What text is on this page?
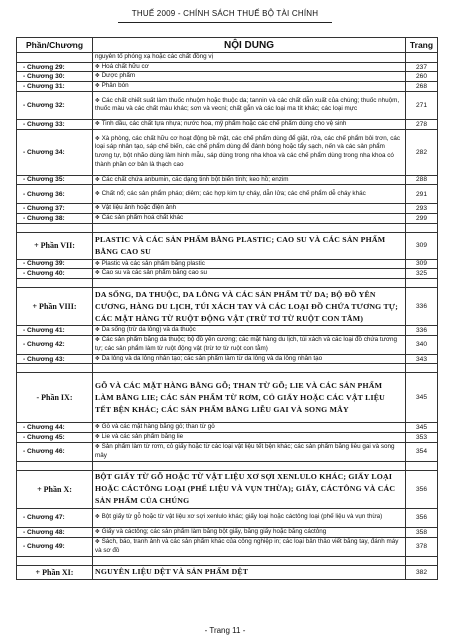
THUẾ 2009 - CHÍNH SÁCH THUẾ BỘ TÀI CHÍNH
Phần/Chương	NỘI DUNG	Trang
	nguyên tố phóng xạ hoặc các chất đồng vị	
- Chương 29:	✥ Hoá chất hữu cơ	237
- Chương 30:	✥ Dược phẩm	260
- Chương 31:	✥ Phân bón	268
- Chương 32:	✥ Các chất chiết suất làm thuốc nhuộm hoặc thuộc da; tannin và các chất dẫn xuất của chúng; thuốc nhuộm, thuốc màu và các chất màu khác; sơn và vecni; chất gắn và các loại ma tít khác; các loại mực	271
- Chương 33:	✥ Tinh dầu, các chất tựa nhựa; nước hoa, mỹ phẩm hoặc các chế phẩm dùng cho vệ sinh	278
- Chương 34:	✥ Xà phòng, các chất hữu cơ hoạt động bề mặt, các chế phẩm dùng để giặt, rửa, các chế phẩm bôi trơn, các loại sáp nhân tạo, sáp chế biến, các chế phẩm dùng để đánh bóng hoặc tẩy sạch, nến và các sản phẩm tương tự, bột nhão dùng làm hình mẫu, sáp dùng trong nha khoa và các chế phẩm dùng trong nha khoa có thành phần cơ bản là thạch cao	282
- Chương 35:	✥ Các chất chứa anbumin, các dạng tinh bột biến tính; keo hồ; enzim	288
- Chương 36:	✥ Chất nổ; các sản phẩm pháo; diêm; các hợp kim tự cháy, dẫn lửa; các chế phẩm dễ cháy khác	291
- Chương 37:	✥ Vật liệu ảnh hoặc điện ảnh	293
- Chương 38:	✥ Các sản phẩm hoá chất khác	299

+ Phần VII:	PLASTIC VÀ CÁC SẢN PHẨM BẰNG PLASTIC; CAO SU VÀ CÁC SẢN PHẨM BẰNG CAO SU	309
- Chương 39:	✥ Plastic và các sản phẩm bằng plastic	309
- Chương 40:	✥ Cao su và các sản phẩm bằng cao su	325

+ Phần VIII:	DA SỐNG, DA THUỘC, DA LÔNG VÀ CÁC SẢN PHẨM TỪ DA; BỘ ĐỒ YÊN CƯƠNG, HÀNG DU LỊCH, TÚI XÁCH TAY VÀ CÁC LOẠI ĐỒ CHỨA TƯƠNG TỰ; CÁC MẶT HÀNG TỪ RUỘT ĐỘNG VẬT (TRỪ TƠ TỪ RUỘT CON TẰM)	336
- Chương 41:	✥ Da sống (trừ da lông) và da thuộc	336
- Chương 42:	✥ Các sản phẩm bằng da thuộc; bộ đồ yên cương; các mặt hàng du lịch, túi xách và các loại đồ chứa tương tự; các sản phẩm làm từ ruột động vật (trừ tơ từ ruột con tằm)	340
- Chương 43:	✥ Da lông và da lông nhân tạo; các sản phẩm làm từ da lông và da lông nhân tạo	343

- Phần IX:	GỖ VÀ CÁC MẶT HÀNG BẰNG GỖ; THAN TỪ GỖ; LIE VÀ CÁC SẢN PHẨM LÀM BẰNG LIE; CÁC SẢN PHẨM TỪ RƠM, CỎ GIẤY HOẶC CÁC VẬT LIỆU TẾT BỆN KHÁC; CÁC SẢN PHẨM BẰNG LIỄU GAI VÀ SONG MÂY	345
- Chương 44:	✥ Gỗ và các mặt hàng bằng gỗ; than từ gỗ	345
- Chương 45:	✥ Lie và các sản phẩm bằng lie	353
- Chương 46:	✥ Sản phẩm làm từ rơm, cỏ giấy hoặc từ các loại vật liệu tết bện khác; các sản phẩm bằng liễu gai và song mây	354

+ Phần X:	BỘT GIẤY TỪ GỖ HOẶC TỪ VẬT LIỆU XƠ SỢI XENLULO KHÁC; GIẤY LOẠI HOẶC CÁCTÔNG LOẠI (PHẾ LIỆU VÀ VỤN THỪA); GIẤY, CÁCTÔNG VÀ CÁC SẢN PHẨM CỦA CHÚNG	356
- Chương 47:	✥ Bột giấy từ gỗ hoặc từ vật liệu xơ sợi xenlulo khác; giấy loại hoặc cáctông loại (phế liệu và vụn thừa)	356
- Chương 48:	✥ Giấy và cáctông; các sản phẩm làm bằng bột giấy, bằng giấy hoặc bằng cáctông	358
- Chương 49:	✥ Sách, báo, tranh ảnh và các sản phẩm khác của công nghiệp in; các loại bản thảo viết bằng tay, đánh máy và sơ đồ	378

+ Phần XI:	NGUYÊN LIỆU DỆT VÀ SẢN PHẨM DỆT	382
- Trang 11 -
